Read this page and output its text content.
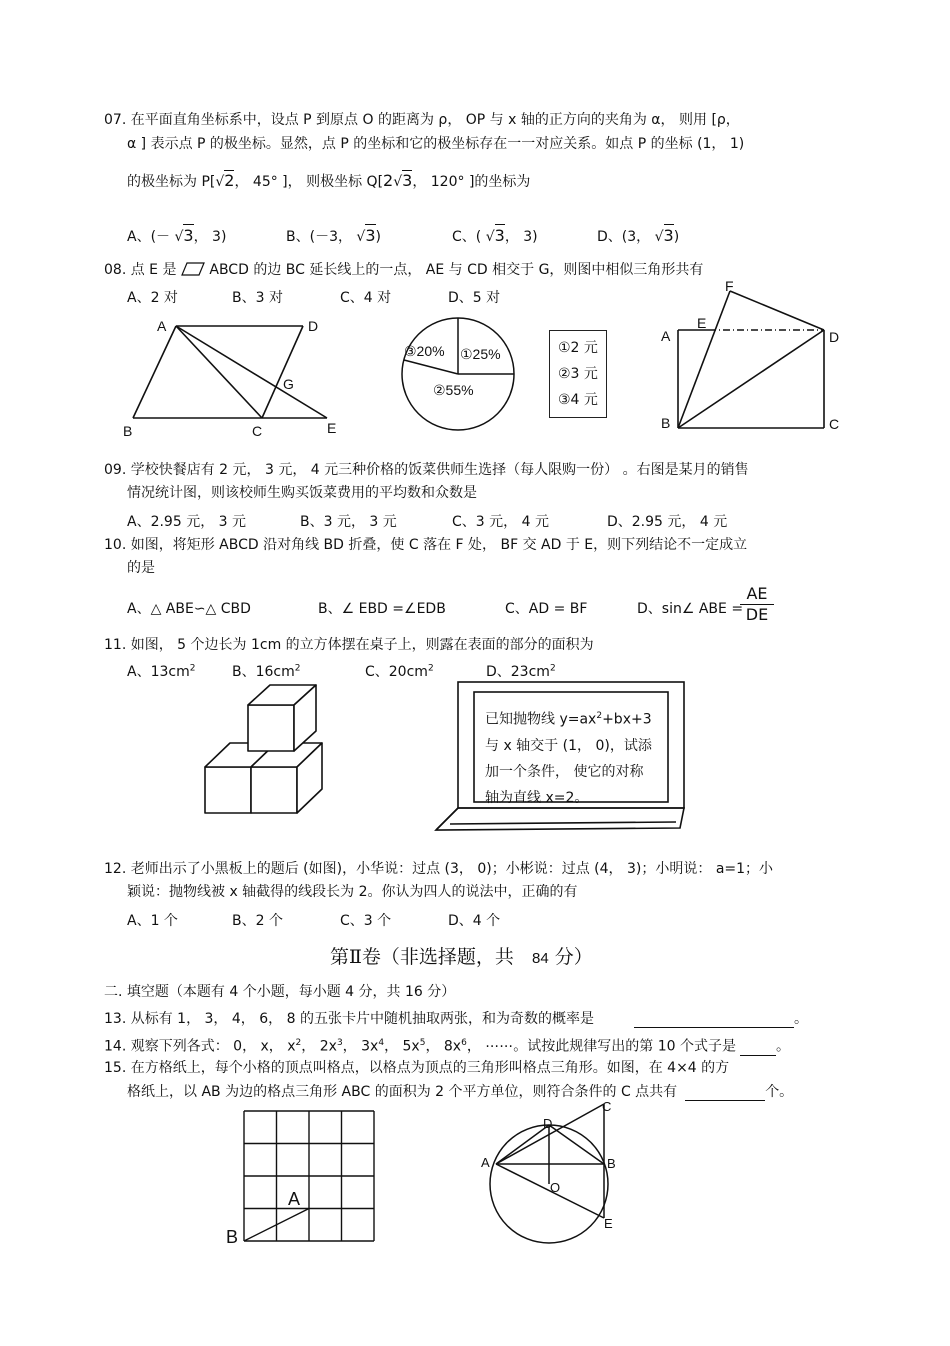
07. 在平面直角坐标系中，设点 P 到原点 O 的距离为 ρ， OP 与 x 轴的正方向的夹角为 α， 则用 [ρ，
α ] 表示点 P 的极坐标。显然，点 P 的坐标和它的极坐标存在一一对应关系。如点 P 的坐标 (1， 1)
的极坐标为 P[√
2， 45° ]， 则极坐标 Q[2√
3， 120° ]的坐标为
A、(－ √
3， 3)	B、(－3， √
3)	C、( √
3， 3)	D、(3， √
3)
08. 点 E 是 ABCD 的边 BC 延长线上的一点， AE 与 CD 相交于 G，则图中相似三角形共有
A、2 对	B、3 对	C、4 对	D、5 对
A	D
G
B	C	E
①25%
②55%
③20%	①2 元
②3 元
③4 元
F
E
A	D
B	C
09. 学校快餐店有 2 元， 3 元， 4 元三种价格的饭菜供师生选择（每人限购一份） 。右图是某月的销售
情况统计图，则该校师生购买饭菜费用的平均数和众数是
A、2.95 元， 3 元	B、3 元， 3 元	C、3 元， 4 元	D、2.95 元， 4 元
10. 如图，将矩形 ABCD 沿对角线 BD 折叠，使 C 落在 F 处， BF 交 AD 于 E，则下列结论不一定成立
的是
A、△ ABE∽△ CBD	B、∠ EBD =∠EDB	C、AD = BF	D、sin∠ ABE =
$\frac{AE}{DE}$
11. 如图， 5 个边长为 1cm 的立方体摆在桌子上，则露在表面的部分的面积为
A、$13cm^2$	B、$16cm^2$	C、$20cm^2$	D、$23cm^2$
已知抛物线 $y=ax^2+bx+3$
与 x 轴交于 (1， 0)，试添
加一个条件， 使它的对称
轴为直线 x=2。
12. 老师出示了小黑板上的题后 (如图)，小华说：过点 (3， 0)；小彬说：过点 (4， 3)；小明说： a=1；小
颖说：抛物线被 x 轴截得的线段长为 2。你认为四人的说法中，正确的有
A、1 个	B、2 个	C、3 个	D、4 个
第Ⅱ卷（非选择题，共 84 分）
二. 填空题（本题有 4 个小题，每小题 4 分，共 16 分）
13. 从标有 1， 3， 4， 6， 8 的五张卡片中随机抽取两张，和为奇数的概率是	。
14. 观察下列各式： 0， x， $x^2$， $2x^3$， $3x^4$， $5x^5$， $8x^6$， ⋯⋯。试按此规律写出的第 10 个式子是	。
15. 在方格纸上，每个小格的顶点叫格点，以格点为顶点的三角形叫格点三角形。如图，在 4×4 的方
格纸上，以 AB 为边的格点三角形 ABC 的面积为 2 个平方单位，则符合条件的 C 点共有	个。
A
B
C
D
A	B
O
E
